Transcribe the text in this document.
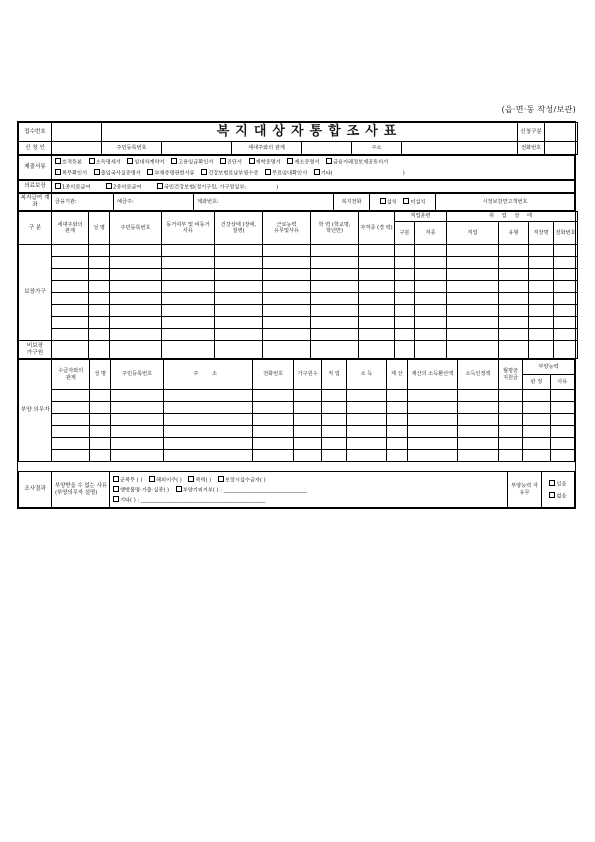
(읍·면·동 작성/보관)
접수번호		복지대상자통합조사표						신청구분	
신 청 인		주민등록번호		세대주와의 관계		주소		전화번호	
제출서류	
호적등본	소득명세서	임대차계약서	고용임금확인서	진단서	재학증명서	재소증명서	금융거래정보제공동의서
복무확인서	출입국사실증명서	부채증명관련서류	건강보험료납부영수증	무료임대확인서	기타(	)
의료보장	1종의료급여	2종의료급여	국민건강보험(경기구원, 가구원일부:	)
복지급여 계 좌	금융기관:	예금주:	계좌번호:	복지전화	설치	미설치	시정보감면고객번호
구 분	세대주와의 관계	성 명	주민등록번호	동거여부 및 비동거 사유	건강상태 (장애,질병)	근로능력 유무및사유	학 력 (학교명, 학년반)	자격증 (경 력)	직업훈련		취 업 상 태			
									구분	직종	직업	유형	직장명	전화번호
보장가구														

비보장 가구원														
부양 의무자	수급자와의 관계	성 명	주민등록번호	주 소	전화번호	가구원수	직 업	소 득	재 산	재산의 소득환산액	소득인정액	월평균 지원금	부양능력	
													판 정	사유

조사결과	부양받을 수 없는 사유 (부양의무자 설명)	
군복무 ( )	해외이주( )	복역( )	보장시설수급자( )
행방불명·가출·실종( )	부양기피거부( ) : ________________________________
기타( ) : ________________________________________________
	부양능력 자 유무	
있음
없음
